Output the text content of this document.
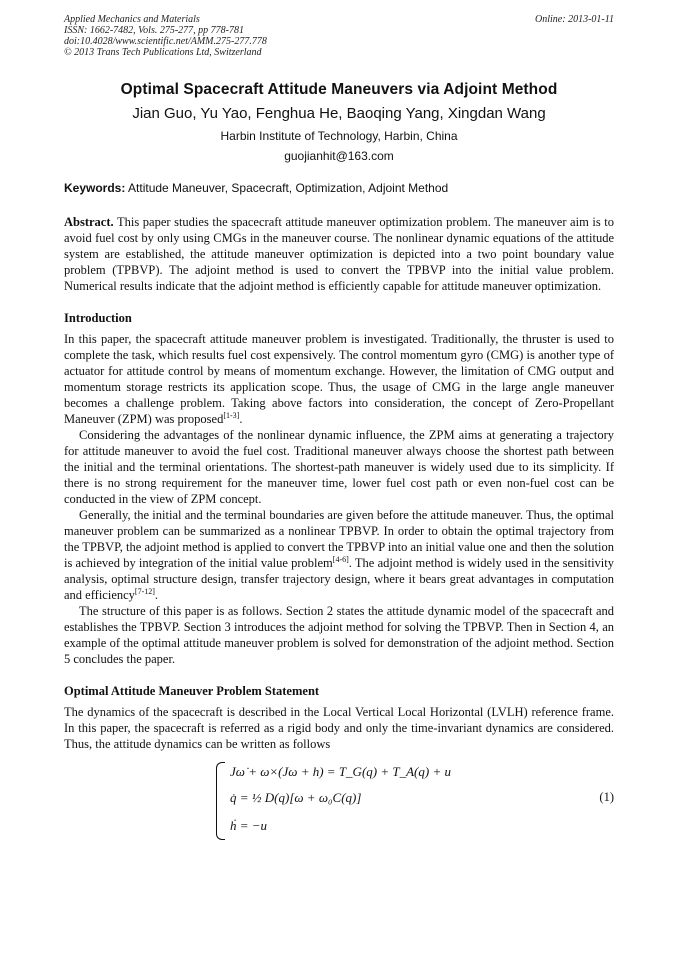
Applied Mechanics and Materials
ISSN: 1662-7482, Vols. 275-277, pp 778-781
doi:10.4028/www.scientific.net/AMM.275-277.778
© 2013 Trans Tech Publications Ltd, Switzerland
Online: 2013-01-11
Optimal Spacecraft Attitude Maneuvers via Adjoint Method
Jian Guo, Yu Yao, Fenghua He, Baoqing Yang, Xingdan Wang
Harbin Institute of Technology, Harbin, China
guojianhit@163.com
Keywords: Attitude Maneuver, Spacecraft, Optimization, Adjoint Method

Abstract. This paper studies the spacecraft attitude maneuver optimization problem. The maneuver aim is to avoid fuel cost by only using CMGs in the maneuver course. The nonlinear dynamic equations of the attitude system are established, the attitude maneuver optimization is depicted into a two point boundary value problem (TPBVP). The adjoint method is used to convert the TPBVP into the initial value problem. Numerical results indicate that the adjoint method is efficiently capable for attitude maneuver optimization.

Introduction

In this paper, the spacecraft attitude maneuver problem is investigated. Traditionally, the thruster is used to complete the task, which results fuel cost expensively. The control momentum gyro (CMG) is another type of actuator for attitude control by means of momentum exchange. However, the limitation of CMG output and momentum storage restricts its application scope. Thus, the usage of CMG in the large angle maneuver becomes a challenge problem. Taking above factors into consideration, the concept of Zero-Propellant Maneuver (ZPM) was proposed[1-3].

Considering the advantages of the nonlinear dynamic influence, the ZPM aims at generating a trajectory for attitude maneuver to avoid the fuel cost. Traditional maneuver always choose the shortest path between the initial and the terminal orientations. The shortest-path maneuver is widely used due to its simplicity. If there is no strong requirement for the maneuver time, lower fuel cost path or even non-fuel cost can be conducted in the view of ZPM concept.

Generally, the initial and the terminal boundaries are given before the attitude maneuver. Thus, the optimal maneuver problem can be summarized as a nonlinear TPBVP. In order to obtain the optimal trajectory from the TPBVP, the adjoint method is applied to convert the TPBVP into an initial value one and then the solution is achieved by integration of the initial value problem[4-6]. The adjoint method is widely used in the sensitivity analysis, optimal structure design, transfer trajectory design, where it bears great advantages in computation and efficiency[7-12].

The structure of this paper is as follows. Section 2 states the attitude dynamic model of the spacecraft and establishes the TPBVP. Section 3 introduces the adjoint method for solving the TPBVP. Then in Section 4, an example of the optimal attitude maneuver problem is solved for demonstration of the adjoint method. Section 5 concludes the paper.

Optimal Attitude Maneuver Problem Statement

The dynamics of the spacecraft is described in the Local Vertical Local Horizontal (LVLH) reference frame. In this paper, the spacecraft is referred as a rigid body and only the time-invariant dynamics are considered. Thus, the attitude dynamics can be written as follows

Jω̇ + ω×(Jω + h) = T_G(q) + T_A(q) + u
q̇ = ½ D(q)[ω + ω₀C(q)]
ḣ = −u
(1)
